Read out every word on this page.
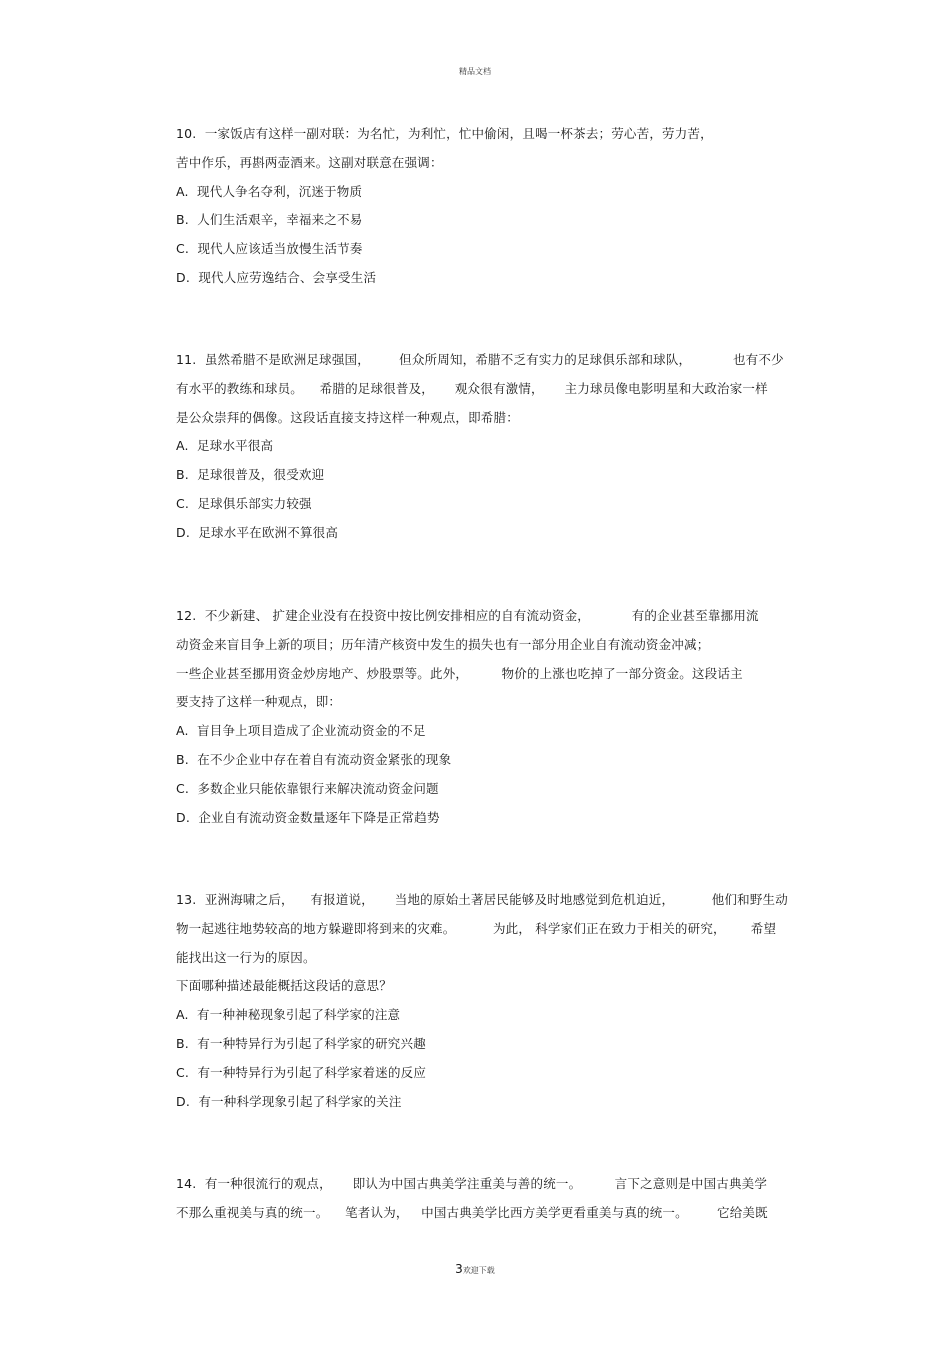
精品文档
10.  一家饭店有这样一副对联：为名忙，为利忙，忙中偷闲，且喝一杯茶去；劳心苦，劳力苦，
苦中作乐，再斟两壶酒来。这副对联意在强调：
A.  现代人争名夺利，沉迷于物质
B.  人们生活艰辛，幸福来之不易
C.  现代人应该适当放慢生活节奏
D.  现代人应劳逸结合、会享受生活
11.  虽然希腊不是欧洲足球强国，       但众所周知，希腊不乏有实力的足球俱乐部和球队，          也有不少
有水平的教练和球员。    希腊的足球很普及，     观众很有激情，     主力球员像电影明星和大政治家一样
是公众崇拜的偶像。这段话直接支持这样一种观点，即希腊：
A.  足球水平很高
B.  足球很普及，很受欢迎
C.  足球俱乐部实力较强
D.  足球水平在欧洲不算很高
12.  不少新建、 扩建企业没有在投资中按比例安排相应的自有流动资金，          有的企业甚至靠挪用流
动资金来盲目争上新的项目；历年清产核资中发生的损失也有一部分用企业自有流动资金冲减；
一些企业甚至挪用资金炒房地产、炒股票等。此外，        物价的上涨也吃掉了一部分资金。这段话主
要支持了这样一种观点，即：
A.  盲目争上项目造成了企业流动资金的不足
B.  在不少企业中存在着自有流动资金紧张的现象
C.  多数企业只能依靠银行来解决流动资金问题
D.  企业自有流动资金数量逐年下降是正常趋势
13.  亚洲海啸之后，    有报道说，     当地的原始土著居民能够及时地感觉到危机迫近，         他们和野生动
物一起逃往地势较高的地方躲避即将到来的灾难。         为此， 科学家们正在致力于相关的研究，      希望
能找出这一行为的原因。
下面哪种描述最能概括这段话的意思？
A.  有一种神秘现象引起了科学家的注意
B.  有一种特异行为引起了科学家的研究兴趣
C.  有一种特异行为引起了科学家着迷的反应
D.  有一种科学现象引起了科学家的关注
14.  有一种很流行的观点，     即认为中国古典美学注重美与善的统一。        言下之意则是中国古典美学
不那么重视美与真的统一。    笔者认为，   中国古典美学比西方美学更看重美与真的统一。       它给美既
3欢迎下载
